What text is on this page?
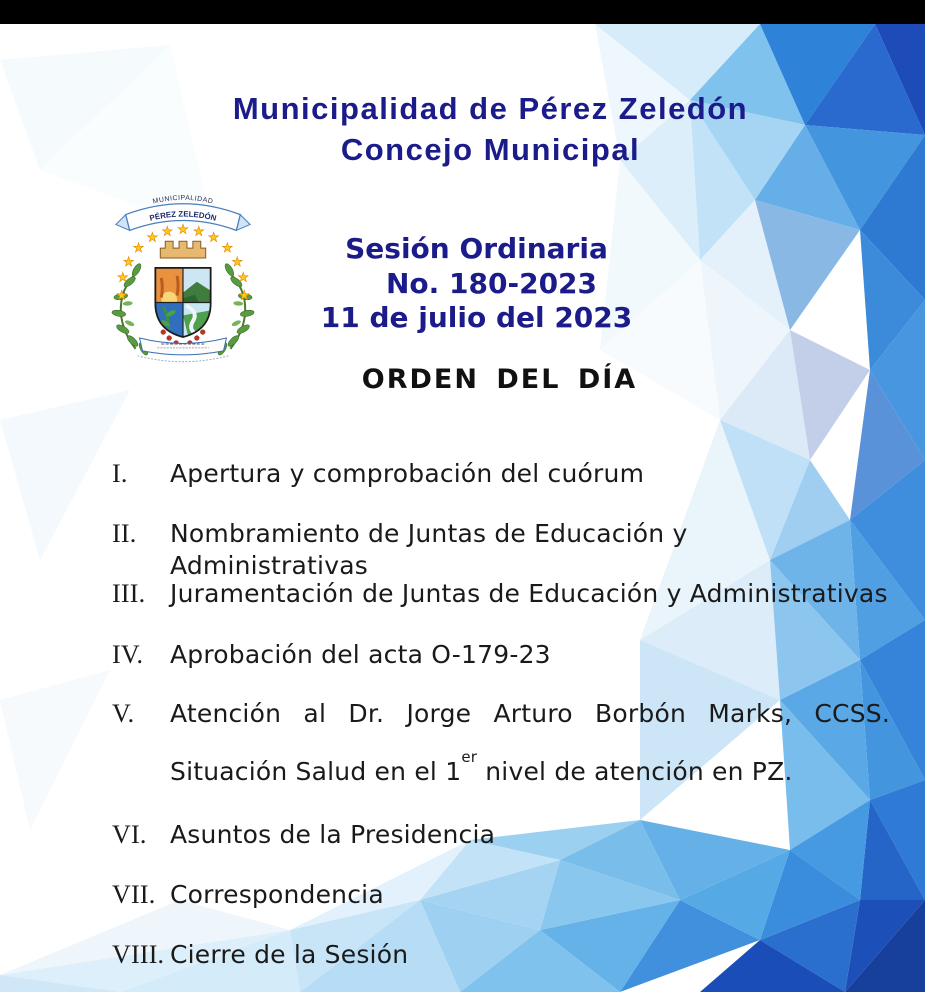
Municipalidad de Pérez Zeledón
Concejo Municipal
★
★
★
★
★ ★ ★ ★ ★
★
★
★
★
MUNICIPALIDAD
PÉREZ ZELEDÓN
Sesión Ordinaria
No. 180-2023
11 de julio del 2023
ORDEN DEL DÍA
I.	Apertura y comprobación del cuórum
II.	Nombramiento de Juntas de Educación y Administrativas
III. Juramentación de Juntas de Educación y Administrativas
IV.	Aprobación del acta O-179-23
V.	Atención al Dr. Jorge Arturo Borbón Marks, CCSS.
Situación Salud en el 1er nivel de atención en PZ.
VI. Asuntos de la Presidencia
VII. Correspondencia
VIII. Cierre de la Sesión
